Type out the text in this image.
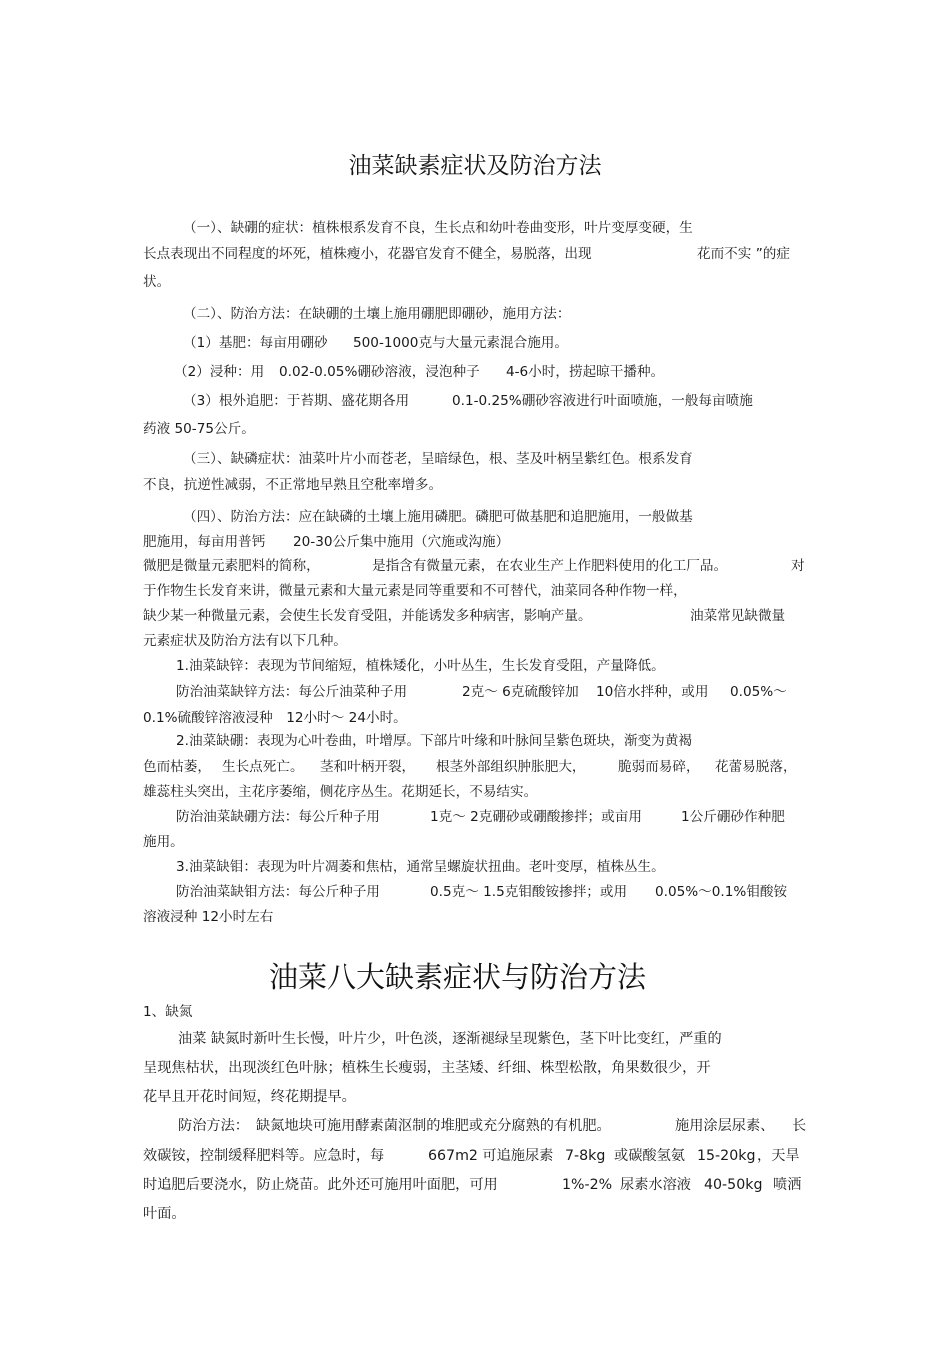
油菜缺素症状及防治方法
（一）、缺硼的症状：植株根系发育不良，生长点和幼叶卷曲变形，叶片变厚变硬，生
长点表现出不同程度的坏死，植株瘦小，花器官发育不健全，易脱落，出现	花而不实 ”的症
状。
（二）、防治方法：在缺硼的土壤上施用硼肥即硼砂，施用方法：
（1）基肥：每亩用硼砂 500-1000克与大量元素混合施用。
（2）浸种：用 0.02-0.05%硼砂溶液，浸泡种子 4-6小时，捞起晾干播种。
（3）根外追肥：于苔期、盛花期各用	0.1-0.25%硼砂容液进行叶面喷施，一般每亩喷施
药液 50-75公斤。
（三）、缺磷症状：油菜叶片小而苍老，呈暗绿色，根、茎及叶柄呈紫红色。根系发育
不良，抗逆性减弱，不正常地早熟且空秕率增多。
（四）、防治方法：应在缺磷的土壤上施用磷肥。磷肥可做基肥和追肥施用，一般做基
肥施用，每亩用普钙 20-30公斤集中施用（穴施或沟施）
微肥是微量元素肥料的简称，	是指含有微量元素， 在农业生产上作肥料使用的化工厂品。	对
于作物生长发育来讲，微量元素和大量元素是同等重要和不可替代，油菜同各种作物一样，
缺少某一种微量元素，会使生长发育受阻，并能诱发多种病害，影响产量。	油菜常见缺微量
元素症状及防治方法有以下几种。
1.油菜缺锌：表现为节间缩短，植株矮化，小叶丛生，生长发育受阻，产量降低。
防治油菜缺锌方法：每公斤油菜种子用	2克～ 6克硫酸锌加 10倍水拌种，或用 0.05%～
0.1%硫酸锌溶液浸种　12小时～ 24小时。
2.油菜缺硼：表现为心叶卷曲，叶增厚。下部片叶缘和叶脉间呈紫色斑块，渐变为黄褐
色而枯萎， 生长点死亡。 茎和叶柄开裂， 根茎外部组织肿胀肥大， 脆弱而易碎， 花蕾易脱落，
雄蕊柱头突出，主花序萎缩，侧花序丛生。花期延长，不易结实。
防治油菜缺硼方法：每公斤种子用	1克～ 2克硼砂或硼酸掺拌；或亩用	1公斤硼砂作种肥
施用。
3.油菜缺钼：表现为叶片凋萎和焦枯，通常呈螺旋状扭曲。老叶变厚，植株丛生。
防治油菜缺钼方法：每公斤种子用	0.5克～ 1.5克钼酸铵掺拌；或用 0.05%～0.1%钼酸铵
溶液浸种 12小时左右
油菜八大缺素症状与防治方法
1、缺氮
油菜 缺氮时新叶生长慢，叶片少，叶色淡，逐渐褪绿呈现紫色，茎下叶比变红，严重的
呈现焦枯状，出现淡红色叶脉；植株生长瘦弱，主茎矮、纤细、株型松散，角果数很少，开
花早且开花时间短，终花期提早。
防治方法：　缺氮地块可施用酵素菌沤制的堆肥或充分腐熟的有机肥。	施用涂层尿素、 长
效碳铵，控制缓释肥料等。应急时，每	667m2 可追施尿素 7-8kg 或碳酸氢氨 15-20kg ，天旱
时追肥后要浇水，防止烧苗。此外还可施用叶面肥，可用	1%-2% 尿素水溶液 40-50kg 喷洒
叶面。
